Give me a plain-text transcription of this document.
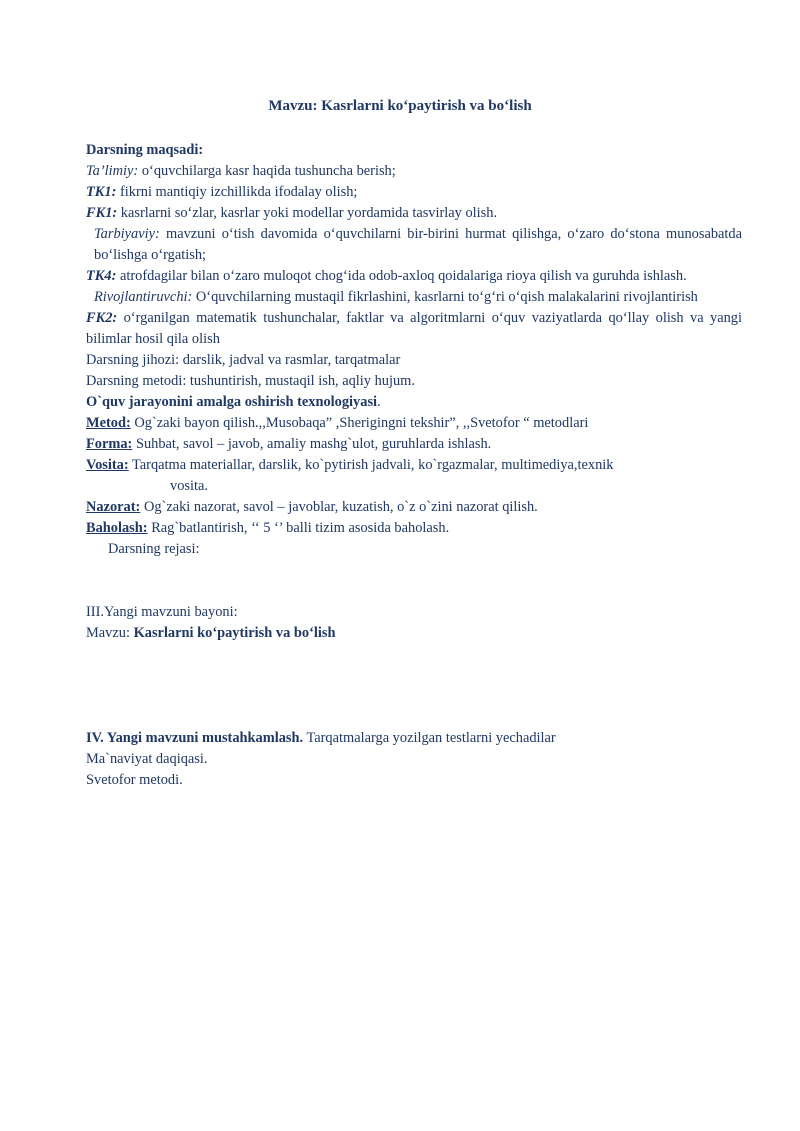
Mavzu: Kasrlarni ko‘paytirish va bo‘lish
Darsning maqsadi:
Ta’limiy: o‘quvchilarga kasr haqida tushuncha berish;
TK1: fikrni mantiqiy izchillikda ifodalay olish;
FK1: kasrlarni so‘zlar, kasrlar yoki modellar yordamida tasvirlay olish.
Tarbiyaviy: mavzuni o‘tish davomida o‘quvchilarni bir-birini hurmat qilishga, o‘zaro do‘stona munosabatda bo‘lishga o‘rgatish;
TK4: atrofdagilar bilan o‘zaro muloqot chog‘ida odob-axloq qoidalariga rioya qilish va guruhda ishlash.
Rivojlantiruvchi: O‘quvchilarning mustaqil fikrlashini, kasrlarni to‘g‘ri o‘qish malakalarini rivojlantirish
FK2: o‘rganilgan matematik tushunchalar, faktlar va algoritmlarni o‘quv vaziyatlarda qo‘llay olish va yangi bilimlar hosil qila olish
Darsning jihozi: darslik, jadval va rasmlar, tarqatmalar
Darsning metodi: tushuntirish, mustaqil ish, aqliy hujum.
O`quv jarayonini amalga oshirish texnologiyasi.
Metod: Og`zaki bayon qilish.,,Musobaqa” ,Sherigingni tekshir”, ,,Svetofor “ metodlari
Forma: Suhbat, savol – javob, amaliy mashg`ulot, guruhlarda ishlash.
Vosita: Tarqatma materiallar, darslik, ko`pytirish jadvali, ko`rgazmalar, multimediya,texnik
vosita.
Nazorat: Og`zaki nazorat, savol – javoblar, kuzatish, o`z o`zini nazorat qilish.
Baholash: Rag`batlantirish, ‘‘ 5 ‘’ balli tizim asosida baholash.
Darsning rejasi:
III.Yangi mavzuni bayoni:
Mavzu: Kasrlarni ko‘paytirish va bo‘lish
IV. Yangi mavzuni mustahkamlash. Tarqatmalarga yozilgan testlarni yechadilar
Ma`naviyat daqiqasi.
Svetofor metodi.
